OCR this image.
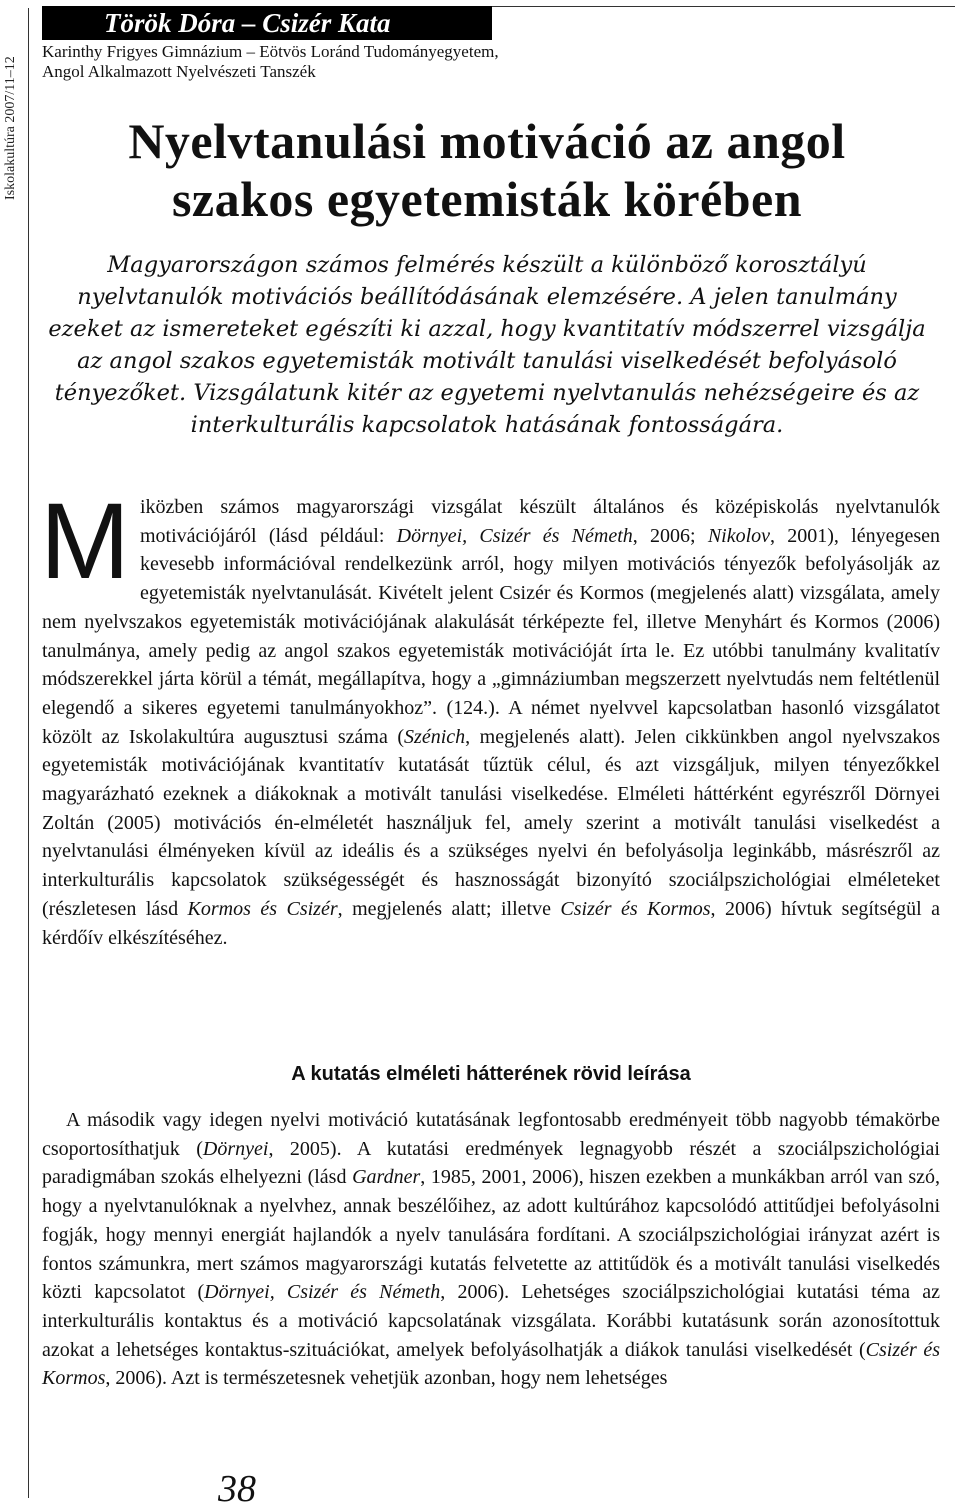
Iskolakultúra 2007/11–12
Török Dóra – Csizér Kata
Karinthy Frigyes Gimnázium – Eötvös Loránd Tudományegyetem, Angol Alkalmazott Nyelvészeti Tanszék
Nyelvtanulási motiváció az angol
szakos egyetemisták körében

Magyarországon számos felmérés készült a különböző korosztályú nyelvtanulók motivációs beállítódásának elemzésére. A jelen tanulmány ezeket az ismereteket egészíti ki azzal, hogy kvantitatív módszerrel vizsgálja az angol szakos egyetemisták motivált tanulási viselkedését befolyásoló tényezőket. Vizsgálatunk kitér az egyetemi nyelvtanulás nehézségeire és az interkulturális kapcsolatok hatásának fontosságára.

Miközben számos magyarországi vizsgálat készült általános és középiskolás nyelvtanulók motivációjáról (lásd például: Dörnyei, Csizér és Németh, 2006; Nikolov, 2001), lényegesen kevesebb információval rendelkezünk arról, hogy milyen motivációs tényezők befolyásolják az egyetemisták nyelvtanulását. Kivételt jelent Csizér és Kormos (megjelenés alatt) vizsgálata, amely nem nyelvszakos egyetemisták motivációjának alakulását térképezte fel, illetve Menyhárt és Kormos (2006) tanulmánya, amely pedig az angol szakos egyetemisták motivációját írta le. Ez utóbbi tanulmány kvalitatív módszerekkel járta körül a témát, megállapítva, hogy a „gimnáziumban megszerzett nyelvtudás nem feltétlenül elegendő a sikeres egyetemi tanulmányokhoz”. (124.). A német nyelvvel kapcsolatban hasonló vizsgálatot közölt az Iskolakultúra augusztusi száma (Szénich, megjelenés alatt). Jelen cikkünkben angol nyelvszakos egyetemisták motivációjának kvantitatív kutatását tűztük célul, és azt vizsgáljuk, milyen tényezőkkel magyarázható ezeknek a diákoknak a motivált tanulási viselkedése. Elméleti háttérként egyrészről Dörnyei Zoltán (2005) motivációs én-elméletét használjuk fel, amely szerint a motivált tanulási viselkedést a nyelvtanulási élményeken kívül az ideális és a szükséges nyelvi én befolyásolja leginkább, másrészről az interkulturális kapcsolatok szükségességét és hasznosságát bizonyító szociálpszichológiai elméleteket (részletesen lásd Kormos és Csizér, megjelenés alatt; illetve Csizér és Kormos, 2006) hívtuk segítségül a kérdőív elkészítéséhez.

A kutatás elméleti hátterének rövid leírása

A második vagy idegen nyelvi motiváció kutatásának legfontosabb eredményeit több nagyobb témakörbe csoportosíthatjuk (Dörnyei, 2005). A kutatási eredmények legnagyobb részét a szociálpszichológiai paradigmában szokás elhelyezni (lásd Gardner, 1985, 2001, 2006), hiszen ezekben a munkákban arról van szó, hogy a nyelvtanulóknak a nyelvhez, annak beszélőihez, az adott kultúrához kapcsolódó attitűdjei befolyásolni fogják, hogy mennyi energiát hajlandók a nyelv tanulására fordítani. A szociálpszichológiai irányzat azért is fontos számunkra, mert számos magyarországi kutatás felvetette az attitűdök és a motivált tanulási viselkedés közti kapcsolatot (Dörnyei, Csizér és Németh, 2006). Lehetséges szociálpszichológiai kutatási téma az interkulturális kontaktus és a motiváció kapcsolatának vizsgálata. Korábbi kutatásunk során azonosítottuk azokat a lehetséges kontaktus-szituációkat, amelyek befolyásolhatják a diákok tanulási viselkedését (Csizér és Kormos, 2006). Azt is természetesnek vehetjük azonban, hogy nem lehetséges

38
